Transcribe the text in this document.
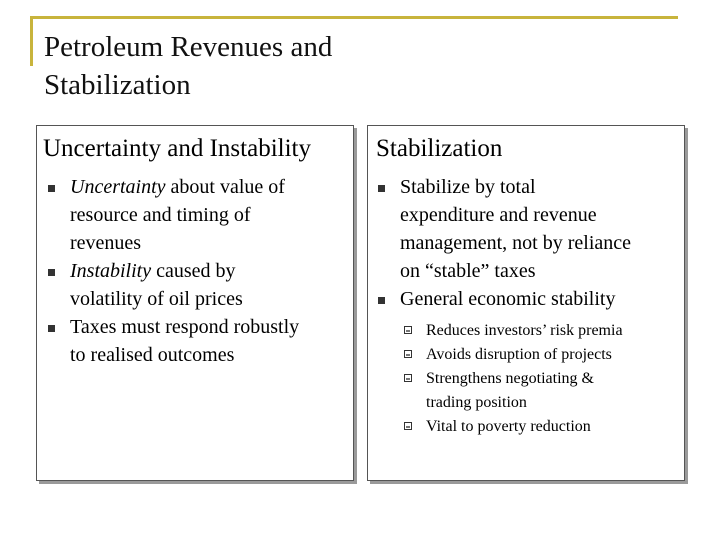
Petroleum Revenues and
Stabilization
Uncertainty and Instability
Uncertainty about value of
resource and timing of
revenues
Instability caused by
volatility of oil prices
Taxes must respond robustly
to realised outcomes
Stabilization
Stabilize by total
expenditure and revenue
management, not by reliance
on “stable” taxes
General economic stability
Reduces investors’ risk premia
Avoids disruption of projects
Strengthens negotiating &
trading position
Vital to poverty reduction
